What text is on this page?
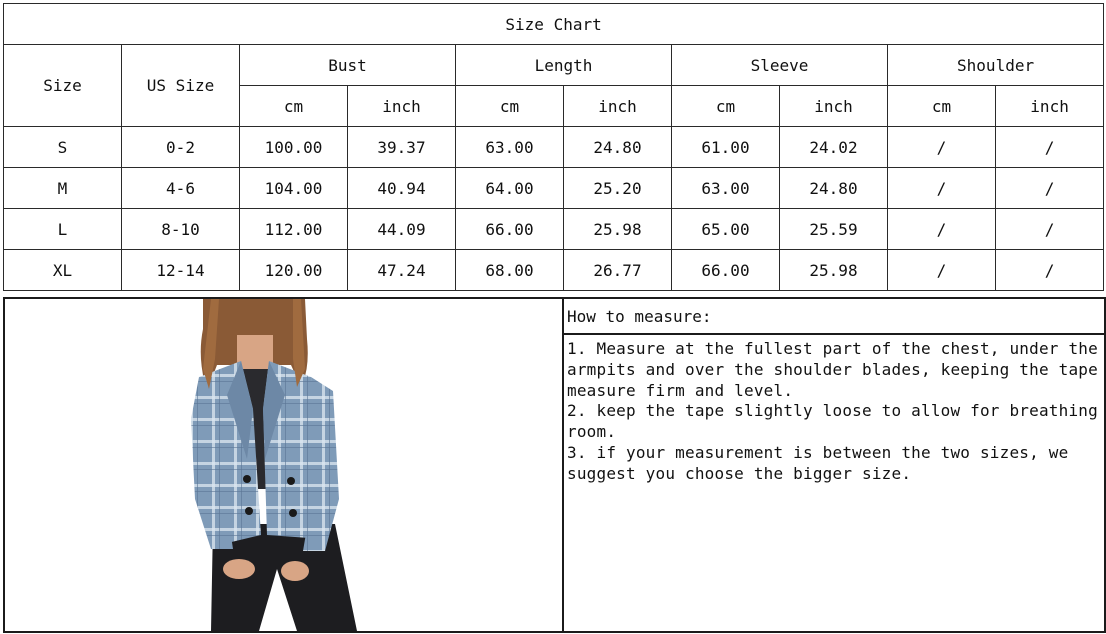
Size Chart									
Size	US Size	Bust		Length		Sleeve		Shoulder	
		cm	inch	cm	inch	cm	inch	cm	inch
S	0-2	100.00	39.37	63.00	24.80	61.00	24.02	/	/
M	4-6	104.00	40.94	64.00	25.20	63.00	24.80	/	/
L	8-10	112.00	44.09	66.00	25.98	65.00	25.59	/	/
XL	12-14	120.00	47.24	68.00	26.77	66.00	25.98	/	/
How to measure:

1. Measure at the fullest part of the chest, under the armpits and over the shoulder blades, keeping the tape measure firm and level.

2. keep the tape slightly loose to allow for breathing room.

3. if your measurement is between the two sizes, we suggest you choose the bigger size.
